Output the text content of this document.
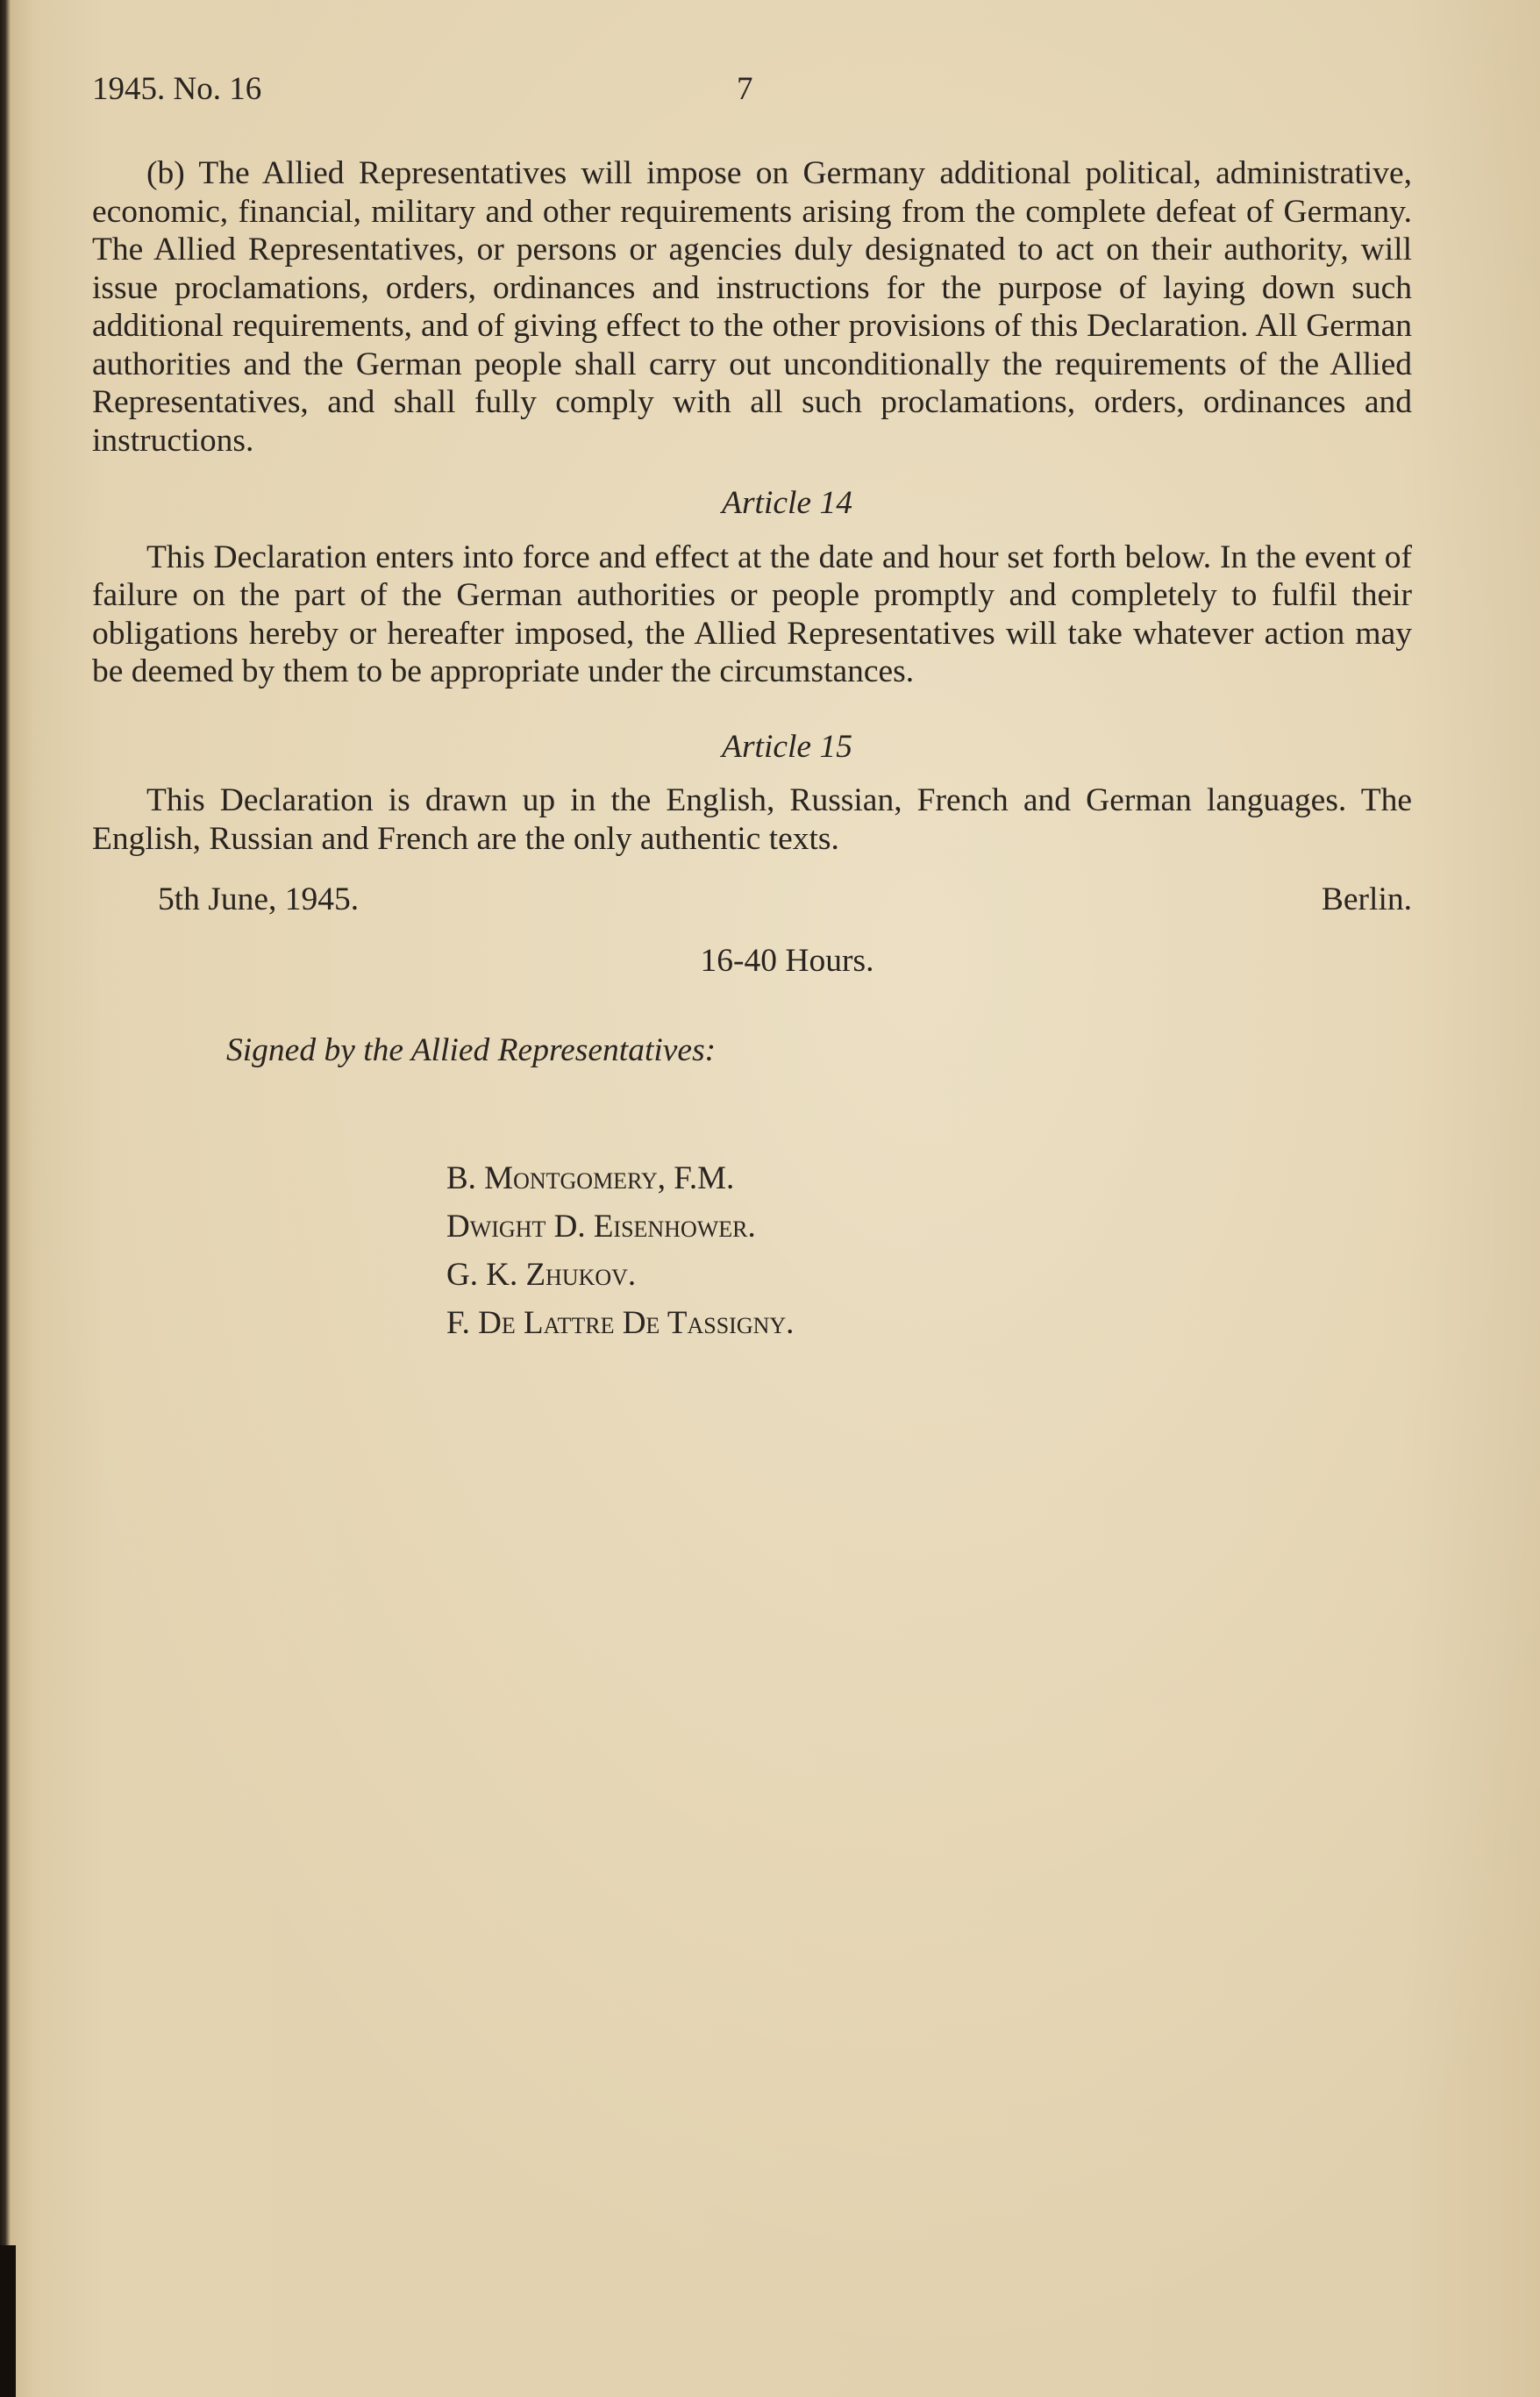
1945. No. 16	7

(b) The Allied Representatives will impose on Germany additional political, administrative, economic, financial, military and other requirements arising from the complete defeat of Germany. The Allied Representatives, or persons or agencies duly designated to act on their authority, will issue proclamations, orders, ordinances and instructions for the purpose of laying down such additional requirements, and of giving effect to the other provisions of this Declaration. All German authorities and the German people shall carry out unconditionally the requirements of the Allied Representatives, and shall fully comply with all such proclamations, orders, ordinances and instructions.

Article 14

This Declaration enters into force and effect at the date and hour set forth below. In the event of failure on the part of the German authorities or people promptly and completely to fulfil their obligations hereby or hereafter imposed, the Allied Representatives will take whatever action may be deemed by them to be appropriate under the circumstances.

Article 15

This Declaration is drawn up in the English, Russian, French and German languages. The English, Russian and French are the only authentic texts.

5th June, 1945.	Berlin.
16-40 Hours.
Signed by the Allied Representatives:
B. Montgomery, F.M.
Dwight D. Eisenhower.
G. K. Zhukov.
F. De Lattre De Tassigny.
